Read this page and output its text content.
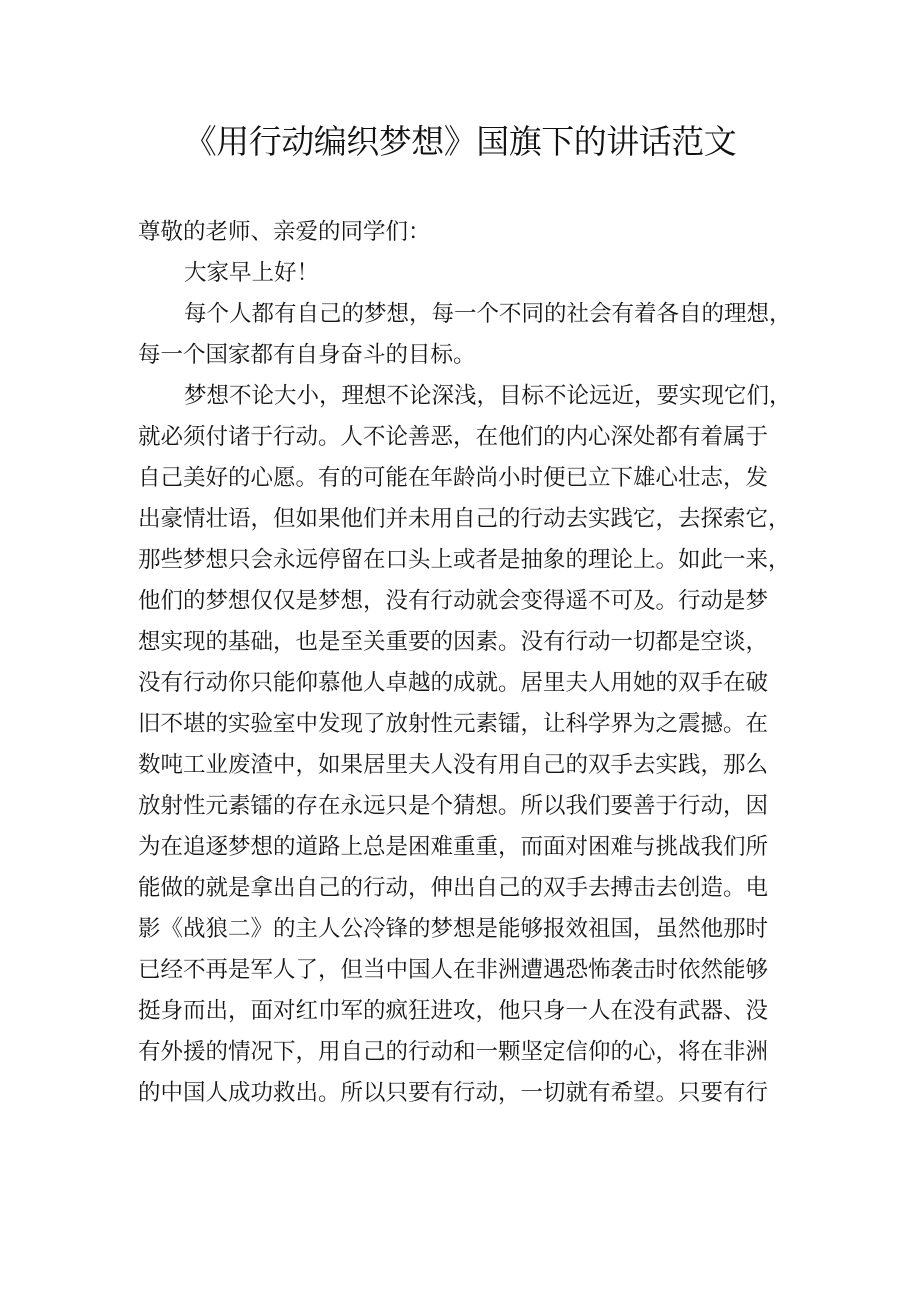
《用行动编织梦想》国旗下的讲话范文
尊敬的老师、亲爱的同学们：
大家早上好！
每个人都有自己的梦想，每一个不同的社会有着各自的理想，
每一个国家都有自身奋斗的目标。
梦想不论大小，理想不论深浅，目标不论远近，要实现它们，
就必须付诸于行动。人不论善恶，在他们的内心深处都有着属于
自己美好的心愿。有的可能在年龄尚小时便已立下雄心壮志，发
出豪情壮语，但如果他们并未用自己的行动去实践它，去探索它，
那些梦想只会永远停留在口头上或者是抽象的理论上。如此一来，
他们的梦想仅仅是梦想，没有行动就会变得遥不可及。行动是梦
想实现的基础，也是至关重要的因素。没有行动一切都是空谈，
没有行动你只能仰慕他人卓越的成就。居里夫人用她的双手在破
旧不堪的实验室中发现了放射性元素镭，让科学界为之震撼。在
数吨工业废渣中，如果居里夫人没有用自己的双手去实践，那么
放射性元素镭的存在永远只是个猜想。所以我们要善于行动，因
为在追逐梦想的道路上总是困难重重，而面对困难与挑战我们所
能做的就是拿出自己的行动，伸出自己的双手去搏击去创造。电
影《战狼二》的主人公冷锋的梦想是能够报效祖国，虽然他那时
已经不再是军人了，但当中国人在非洲遭遇恐怖袭击时依然能够
挺身而出，面对红巾军的疯狂进攻，他只身一人在没有武器、没
有外援的情况下，用自己的行动和一颗坚定信仰的心，将在非洲
的中国人成功救出。所以只要有行动，一切就有希望。只要有行
